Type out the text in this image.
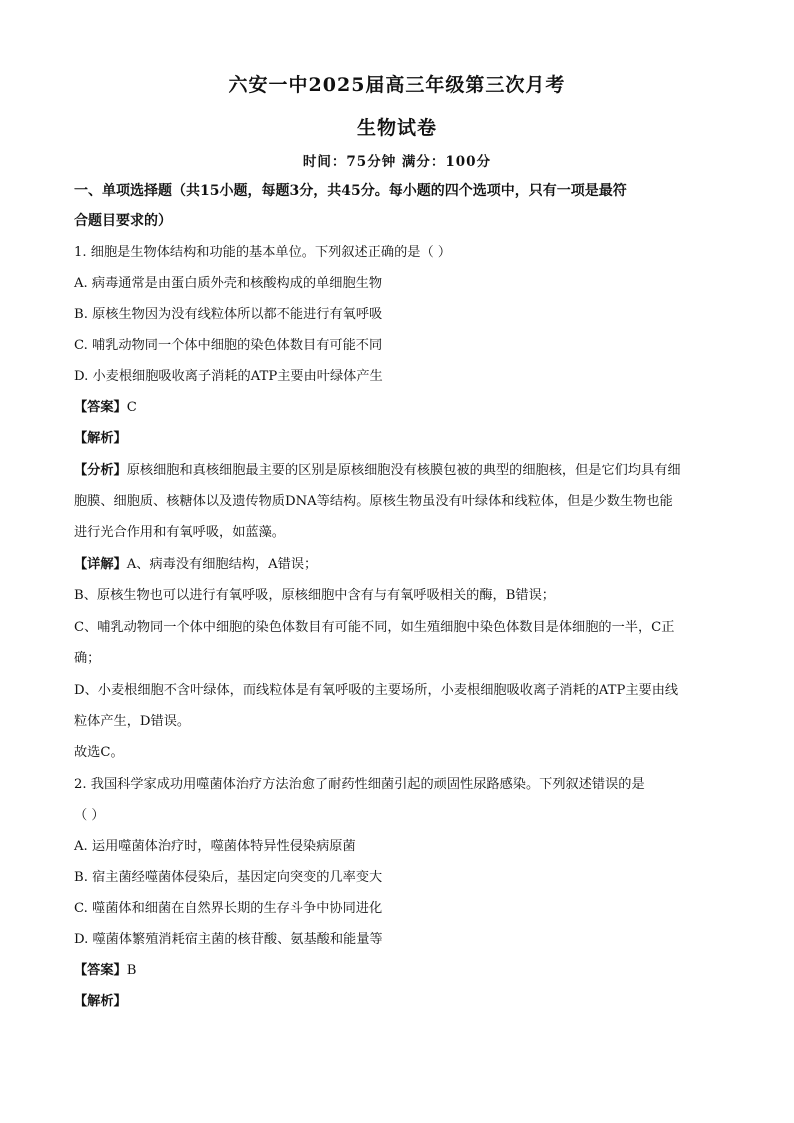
六安一中2025届高三年级第三次月考
生物试卷
时间：75分钟 满分：100分
一、单项选择题（共15小题，每题3分，共45分。每小题的四个选项中，只有一项是最符
合题目要求的）
1. 细胞是生物体结构和功能的基本单位。下列叙述正确的是（ ）
A. 病毒通常是由蛋白质外壳和核酸构成的单细胞生物
B. 原核生物因为没有线粒体所以都不能进行有氧呼吸
C. 哺乳动物同一个体中细胞的染色体数目有可能不同
D. 小麦根细胞吸收离子消耗的ATP主要由叶绿体产生
【答案】C
【解析】
【分析】原核细胞和真核细胞最主要的区别是原核细胞没有核膜包被的典型的细胞核，但是它们均具有细
胞膜、细胞质、核糖体以及遗传物质DNA等结构。原核生物虽没有叶绿体和线粒体，但是少数生物也能
进行光合作用和有氧呼吸，如蓝藻。
【详解】A、病毒没有细胞结构，A错误；
B、原核生物也可以进行有氧呼吸，原核细胞中含有与有氧呼吸相关的酶，B错误；
C、哺乳动物同一个体中细胞的染色体数目有可能不同，如生殖细胞中染色体数目是体细胞的一半，C正
确；
D、小麦根细胞不含叶绿体，而线粒体是有氧呼吸的主要场所，小麦根细胞吸收离子消耗的ATP主要由线
粒体产生，D错误。
故选C。
2. 我国科学家成功用噬菌体治疗方法治愈了耐药性细菌引起的顽固性尿路感染。下列叙述错误的是
（ ）
A. 运用噬菌体治疗时，噬菌体特异性侵染病原菌
B. 宿主菌经噬菌体侵染后，基因定向突变的几率变大
C. 噬菌体和细菌在自然界长期的生存斗争中协同进化
D. 噬菌体繁殖消耗宿主菌的核苷酸、氨基酸和能量等
【答案】B
【解析】
